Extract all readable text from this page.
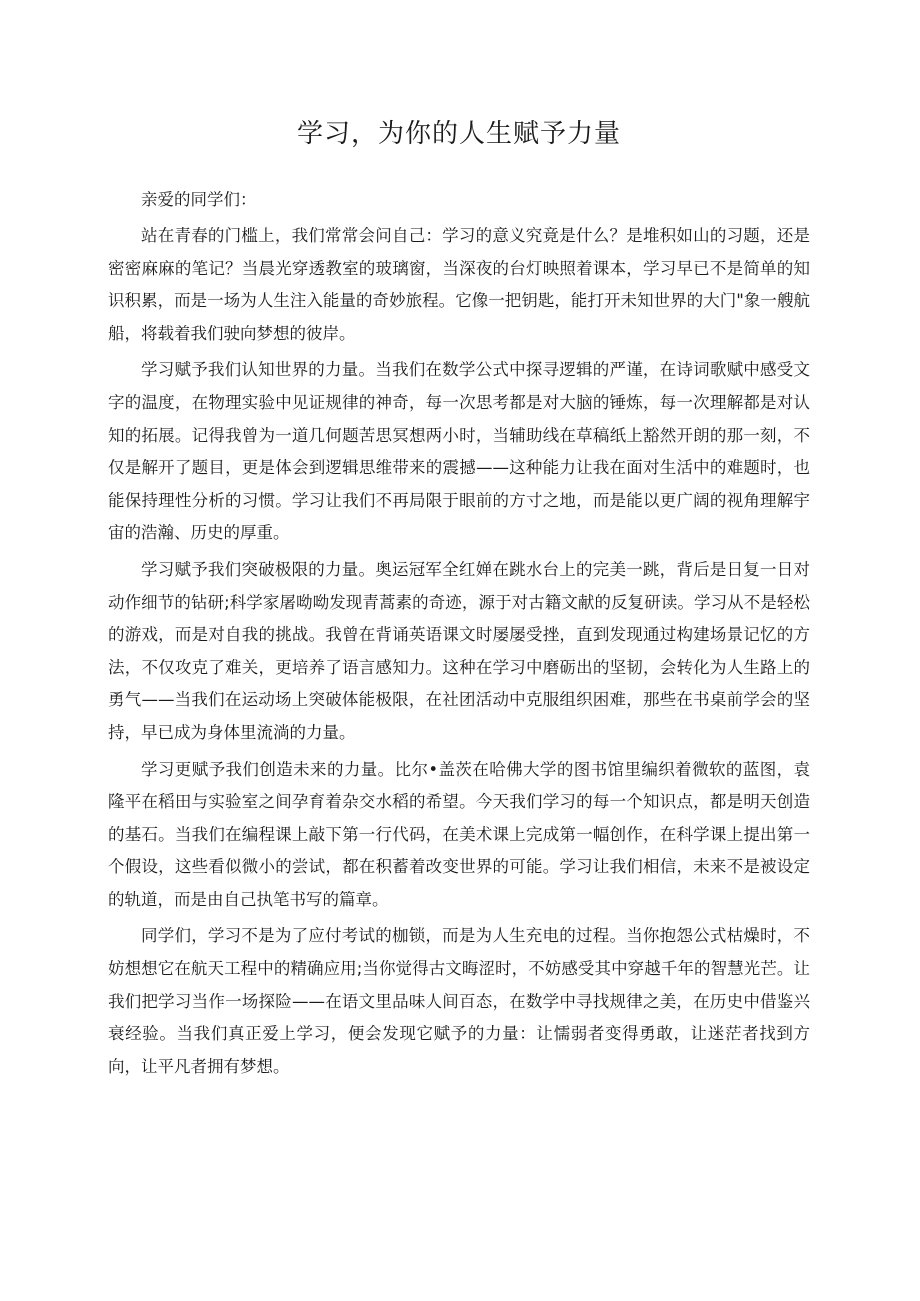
学习，为你的人生赋予力量

亲爱的同学们：

站在青春的门槛上，我们常常会问自己：学习的意义究竟是什么？是堆积如山的习题，还是密密麻麻的笔记？当晨光穿透教室的玻璃窗，当深夜的台灯映照着课本，学习早已不是简单的知识积累，而是一场为人生注入能量的奇妙旅程。它像一把钥匙，能打开未知世界的大门"象一艘航船，将载着我们驶向梦想的彼岸。

学习赋予我们认知世界的力量。当我们在数学公式中探寻逻辑的严谨，在诗词歌赋中感受文字的温度，在物理实验中见证规律的神奇，每一次思考都是对大脑的锤炼，每一次理解都是对认知的拓展。记得我曾为一道几何题苦思冥想两小时，当辅助线在草稿纸上豁然开朗的那一刻，不仅是解开了题目，更是体会到逻辑思维带来的震撼——这种能力让我在面对生活中的难题时，也能保持理性分析的习惯。学习让我们不再局限于眼前的方寸之地，而是能以更广阔的视角理解宇宙的浩瀚、历史的厚重。

学习赋予我们突破极限的力量。奥运冠军全红婵在跳水台上的完美一跳，背后是日复一日对动作细节的钻研;科学家屠呦呦发现青蒿素的奇迹，源于对古籍文献的反复研读。学习从不是轻松的游戏，而是对自我的挑战。我曾在背诵英语课文时屡屡受挫，直到发现通过构建场景记忆的方法，不仅攻克了难关，更培养了语言感知力。这种在学习中磨砺出的坚韧，会转化为人生路上的勇气——当我们在运动场上突破体能极限，在社团活动中克服组织困难，那些在书桌前学会的坚持，早已成为身体里流淌的力量。

学习更赋予我们创造未来的力量。比尔•盖茨在哈佛大学的图书馆里编织着微软的蓝图，袁隆平在稻田与实验室之间孕育着杂交水稻的希望。今天我们学习的每一个知识点，都是明天创造的基石。当我们在编程课上敲下第一行代码，在美术课上完成第一幅创作，在科学课上提出第一个假设，这些看似微小的尝试，都在积蓄着改变世界的可能。学习让我们相信，未来不是被设定的轨道，而是由自己执笔书写的篇章。

同学们，学习不是为了应付考试的枷锁，而是为人生充电的过程。当你抱怨公式枯燥时，不妨想想它在航天工程中的精确应用;当你觉得古文晦涩时，不妨感受其中穿越千年的智慧光芒。让我们把学习当作一场探险——在语文里品味人间百态，在数学中寻找规律之美，在历史中借鉴兴衰经验。当我们真正爱上学习，便会发现它赋予的力量：让懦弱者变得勇敢，让迷茫者找到方向，让平凡者拥有梦想。
